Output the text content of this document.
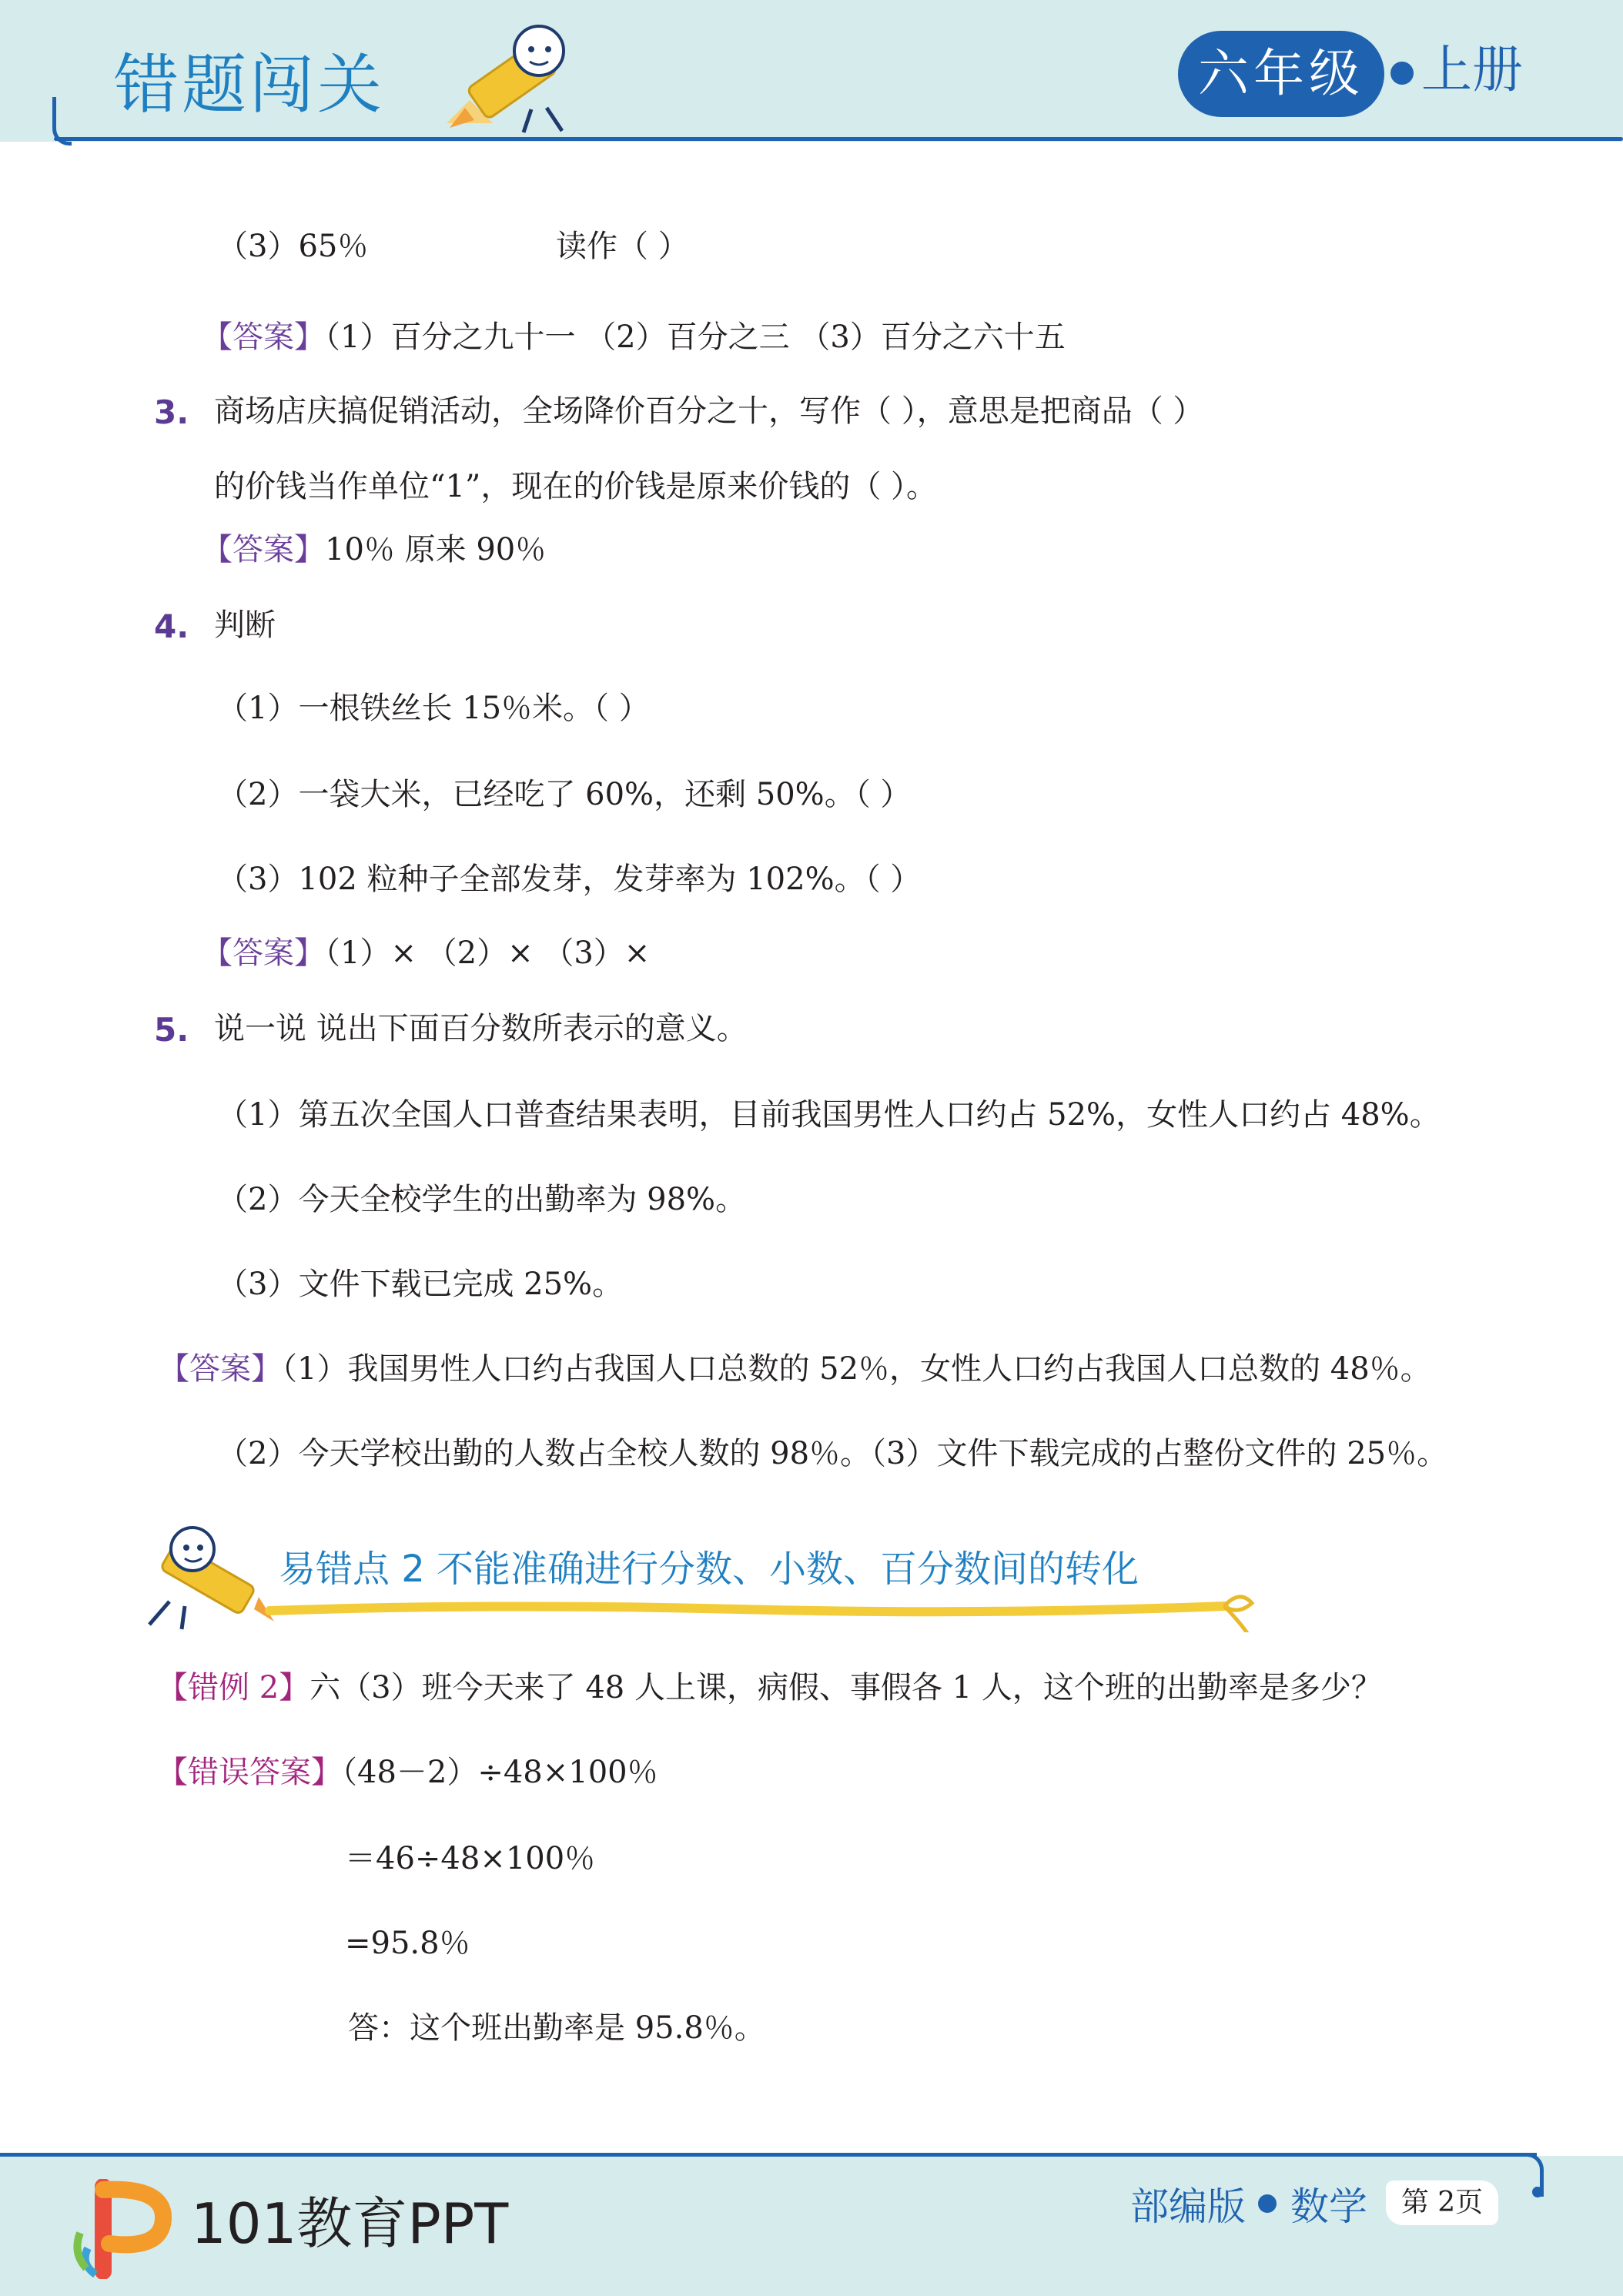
错题闯关	六年级	上册
（3）65％	读作（ ）
【答案】（1）百分之九十一 （2）百分之三 （3）百分之六十五
3. 商场店庆搞促销活动，全场降价百分之十，写作（ ），意思是把商品（ ）
的价钱当作单位“1”，现在的价钱是原来价钱的（ ）。
【答案】10％ 原来 90％
4. 判断
（1）一根铁丝长 15％米。（ ）
（2）一袋大米，已经吃了 60%，还剩 50%。（ ）
（3）102 粒种子全部发芽，发芽率为 102%。（ ）
【答案】（1）× （2）× （3）×
5. 说一说 说出下面百分数所表示的意义。
（1）第五次全国人口普查结果表明，目前我国男性人口约占 52%，女性人口约占 48%。
（2）今天全校学生的出勤率为 98%。
（3）文件下载已完成 25%。
【答案】（1）我国男性人口约占我国人口总数的 52％，女性人口约占我国人口总数的 48％。
（2）今天学校出勤的人数占全校人数的 98％。（3）文件下载完成的占整份文件的 25％。
易错点 2 不能准确进行分数、小数、百分数间的转化
【错例 2】六（3）班今天来了 48 人上课，病假、事假各 1 人，这个班的出勤率是多少？
【错误答案】（48－2）÷48×100％
＝46÷48×100％
=95.8％
答：这个班出勤率是 95.8％。
101教育PPT	部编版 数学	第 2页
